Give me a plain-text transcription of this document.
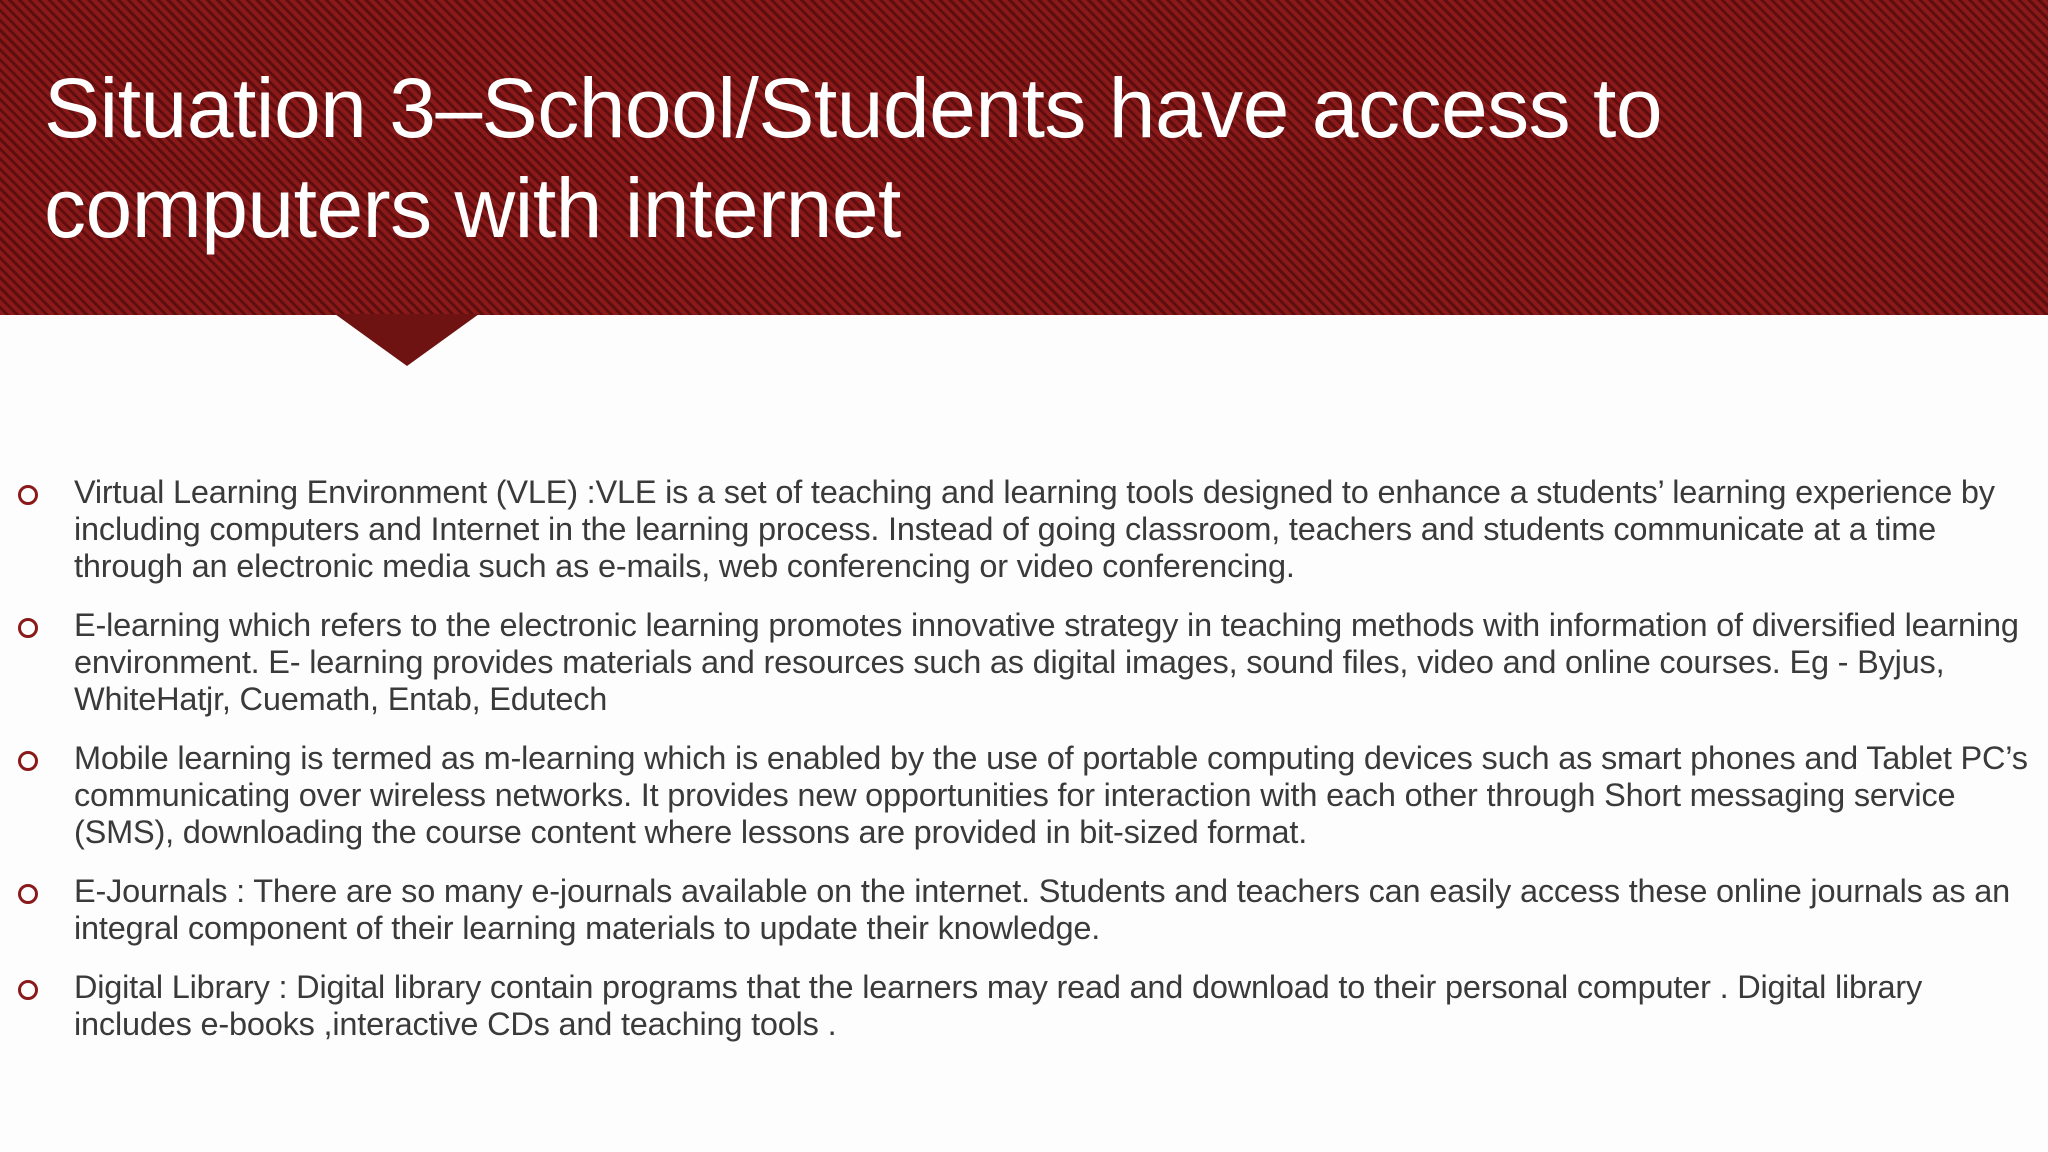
Situation 3–School/Students have access to
computers with internet
Virtual Learning Environment (VLE) :VLE is a set of teaching and learning tools designed to enhance a students’ learning experience by including computers and Internet in the learning process. Instead of going classroom, teachers and students communicate at a time through an electronic media such as e-mails, web conferencing or video conferencing.
E-learning which refers to the electronic learning promotes innovative strategy in teaching methods with information of diversified learning environment. E- learning provides materials and resources such as digital images, sound files, video and online courses. Eg - Byjus, WhiteHatjr, Cuemath, Entab, Edutech
Mobile learning is termed as m-learning which is enabled by the use of portable computing devices such as smart phones and Tablet PC’s communicating over wireless networks. It provides new opportunities for interaction with each other through Short messaging service (SMS), downloading the course content where lessons are provided in bit-sized format.
E-Journals : There are so many e-journals available on the internet. Students and teachers can easily access these online journals as an integral component of their learning materials to update their knowledge.
Digital Library : Digital library contain programs that the learners may read and download to their personal computer . Digital library includes e-books ,interactive CDs and teaching tools .
